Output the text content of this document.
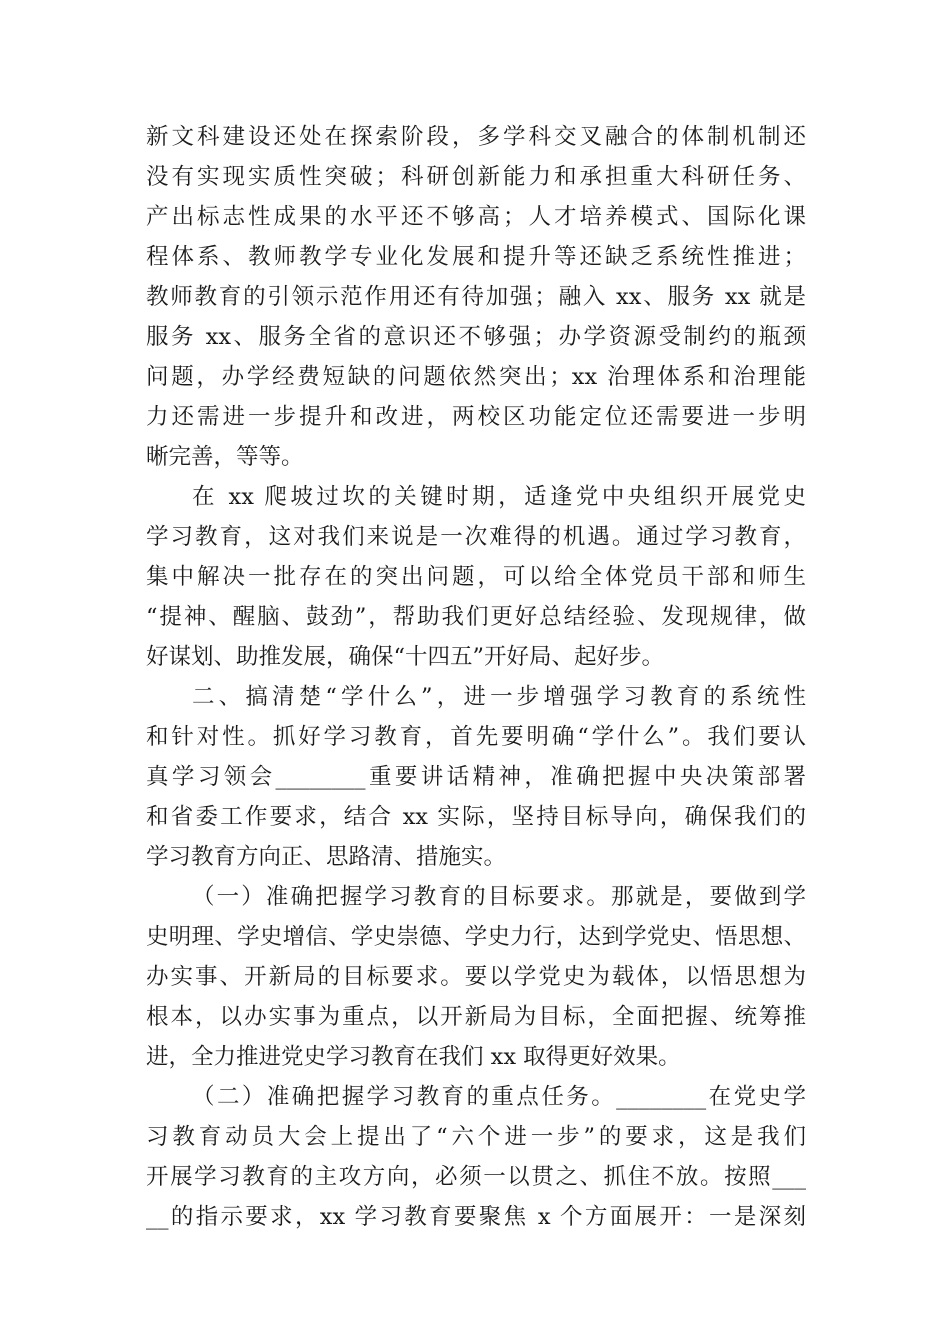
新文科建设还处在探索阶段，多学科交叉融合的体制机制还
没有实现实质性突破；科研创新能力和承担重大科研任务、
产出标志性成果的水平还不够高；人才培养模式、国际化课
程体系、教师教学专业化发展和提升等还缺乏系统性推进；
教师教育的引领示范作用还有待加强；融入 xx、服务 xx 就是
服务 xx、服务全省的意识还不够强；办学资源受制约的瓶颈
问题，办学经费短缺的问题依然突出；xx 治理体系和治理能
力还需进一步提升和改进，两校区功能定位还需要进一步明
晰完善，等等。
在 xx 爬坡过坎的关键时期，适逢党中央组织开展党史
学习教育，这对我们来说是一次难得的机遇。通过学习教育，
集中解决一批存在的突出问题，可以给全体党员干部和师生
“提神、醒脑、鼓劲”，帮助我们更好总结经验、发现规律，做
好谋划、助推发展，确保“十四五”开好局、起好步。
二、搞清楚“学什么”，进一步增强学习教育的系统性
和针对性。抓好学习教育，首先要明确“学什么”。我们要认
真学习领会________重要讲话精神，准确把握中央决策部署
和省委工作要求，结合 xx 实际，坚持目标导向，确保我们的
学习教育方向正、思路清、措施实。
（一）准确把握学习教育的目标要求。那就是，要做到学
史明理、学史增信、学史崇德、学史力行，达到学党史、悟思想、
办实事、开新局的目标要求。要以学党史为载体，以悟思想为
根本，以办实事为重点，以开新局为目标，全面把握、统筹推
进，全力推进党史学习教育在我们 xx 取得更好效果。
（二）准确把握学习教育的重点任务。________在党史学
习教育动员大会上提出了“六个进一步”的要求，这是我们
开展学习教育的主攻方向，必须一以贯之、抓住不放。按照___
__的指示要求，xx 学习教育要聚焦 x 个方面展开：一是深刻
